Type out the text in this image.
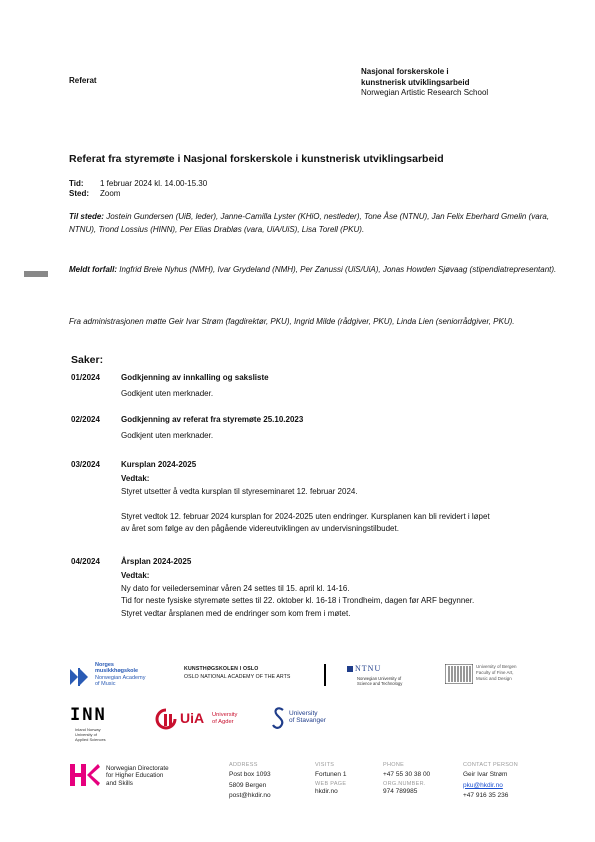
Referat
Nasjonal forskerskole i
kunstnerisk utviklingsarbeid
Norwegian Artistic Research School
Referat fra styremøte i Nasjonal forskerskole i kunstnerisk utviklingsarbeid
Tid: 1 februar 2024 kl. 14.00-15.30
Sted: Zoom
Til stede: Jostein Gundersen (UiB, leder), Janne-Camilla Lyster (KHiO, nestleder), Tone Åse (NTNU), Jan Felix Eberhard Gmelin (vara, NTNU), Trond Lossius (HINN), Per Elias Drabløs (vara, UiA/UiS), Lisa Torell (PKU).
Meldt forfall: Ingfrid Breie Nyhus (NMH), Ivar Grydeland (NMH), Per Zanussi (UiS/UiA), Jonas Howden Sjøvaag (stipendiatrepresentant).
Fra administrasjonen møtte Geir Ivar Strøm (fagdirektør, PKU), Ingrid Milde (rådgiver, PKU), Linda Lien (seniorrådgiver, PKU).
Saker:
01/2024	Godkjenning av innkalling og saksliste
Godkjent uten merknader.
02/2024	Godkjenning av referat fra styremøte 25.10.2023
Godkjent uten merknader.
03/2024	Kursplan 2024-2025
Vedtak:
Styret utsetter å vedta kursplan til styreseminaret 12. februar 2024.
Styret vedtok 12. februar 2024 kursplan for 2024-2025 uten endringer. Kursplanen kan bli revidert i løpet
av året som følge av den pågående videreutviklingen av undervisningstilbudet.
04/2024	Årsplan 2024-2025
Vedtak:
Ny dato for veilederseminar våren 24 settes til 15. april kl. 14-16.
Tid for neste fysiske styremøte settes til 22. oktober kl. 16-18 i Trondheim, dagen før ARF begynner.
Styret vedtar årsplanen med de endringer som kom frem i møtet.
Norges
musikkhøgskole
Norwegian Academy
of Music
KUNSTHØGSKOLEN I OSLO
OSLO NATIONAL ACADEMY OF THE ARTS
NTNU
Norwegian University of
Science and Technology
University of Bergen
Faculty of Fine Art,
Music and Design
INN
Inland Norway
University of
Applied Sciences
UiA University
of Agder
University
of Stavanger
Norwegian Directorate
for Higher Education
and Skills
ADDRESS
Post box 1093
5809 Bergen
post@hkdir.no
VISITS
Fortunen 1
WEB PAGE
hkdir.no
PHONE
+47 55 30 38 00
ORG.NUMBER.
974 789985
CONTACT PERSON
Geir Ivar Strøm
pku@hkdir.no
+47 916 35 236
